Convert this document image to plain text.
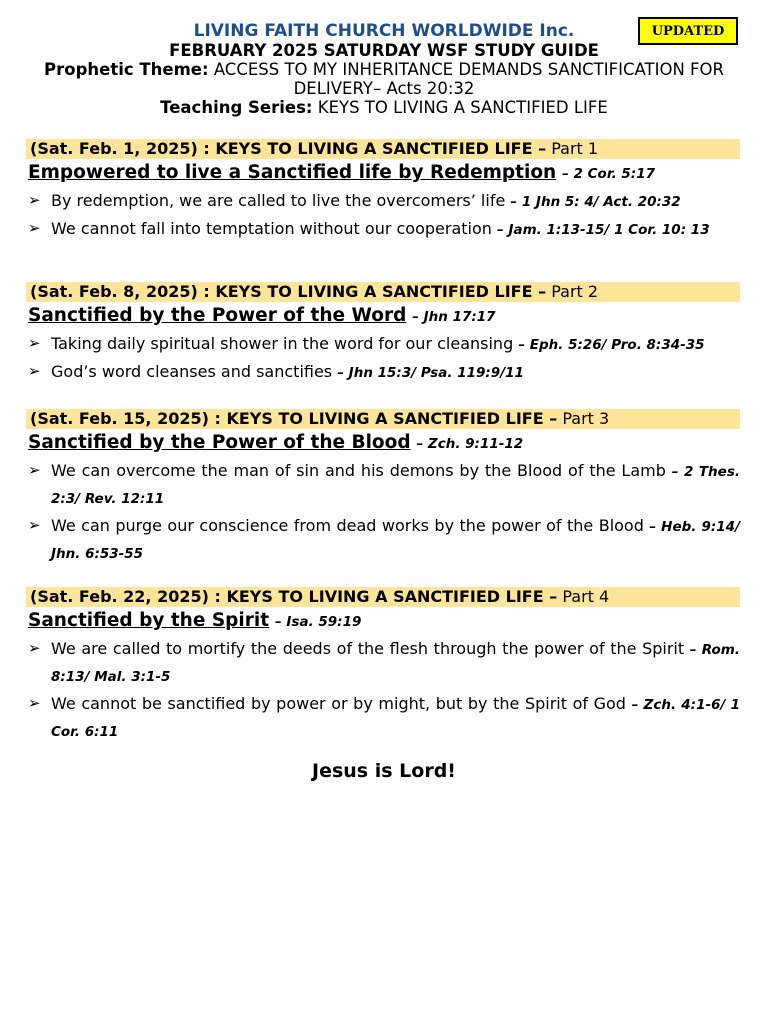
LIVING FAITH CHURCH WORLDWIDE Inc.
FEBRUARY 2025 SATURDAY WSF STUDY GUIDE
Prophetic Theme: ACCESS TO MY INHERITANCE DEMANDS SANCTIFICATION FOR DELIVERY– Acts 20:32
Teaching Series: KEYS TO LIVING A SANCTIFIED LIFE
UPDATED
(Sat. Feb. 1, 2025) : KEYS TO LIVING A SANCTIFIED LIFE – Part 1
Empowered to live a Sanctified life by Redemption – 2 Cor. 5:17
➢ By redemption, we are called to live the overcomers’ life – 1 Jhn 5: 4/ Act. 20:32
➢ We cannot fall into temptation without our cooperation – Jam. 1:13-15/ 1 Cor. 10: 13
(Sat. Feb. 8, 2025) : KEYS TO LIVING A SANCTIFIED LIFE – Part 2
Sanctified by the Power of the Word – Jhn 17:17
➢ Taking daily spiritual shower in the word for our cleansing – Eph. 5:26/ Pro. 8:34-35
➢ God’s word cleanses and sanctifies – Jhn 15:3/ Psa. 119:9/11
(Sat. Feb. 15, 2025) : KEYS TO LIVING A SANCTIFIED LIFE – Part 3
Sanctified by the Power of the Blood – Zch. 9:11-12
➢ We can overcome the man of sin and his demons by the Blood of the Lamb – 2 Thes. 2:3/ Rev. 12:11
➢ We can purge our conscience from dead works by the power of the Blood – Heb. 9:14/ Jhn. 6:53-55
(Sat. Feb. 22, 2025) : KEYS TO LIVING A SANCTIFIED LIFE – Part 4
Sanctified by the Spirit – Isa. 59:19
➢ We are called to mortify the deeds of the flesh through the power of the Spirit – Rom. 8:13/ Mal. 3:1-5
➢ We cannot be sanctified by power or by might, but by the Spirit of God – Zch. 4:1-6/ 1 Cor. 6:11
Jesus is Lord!
